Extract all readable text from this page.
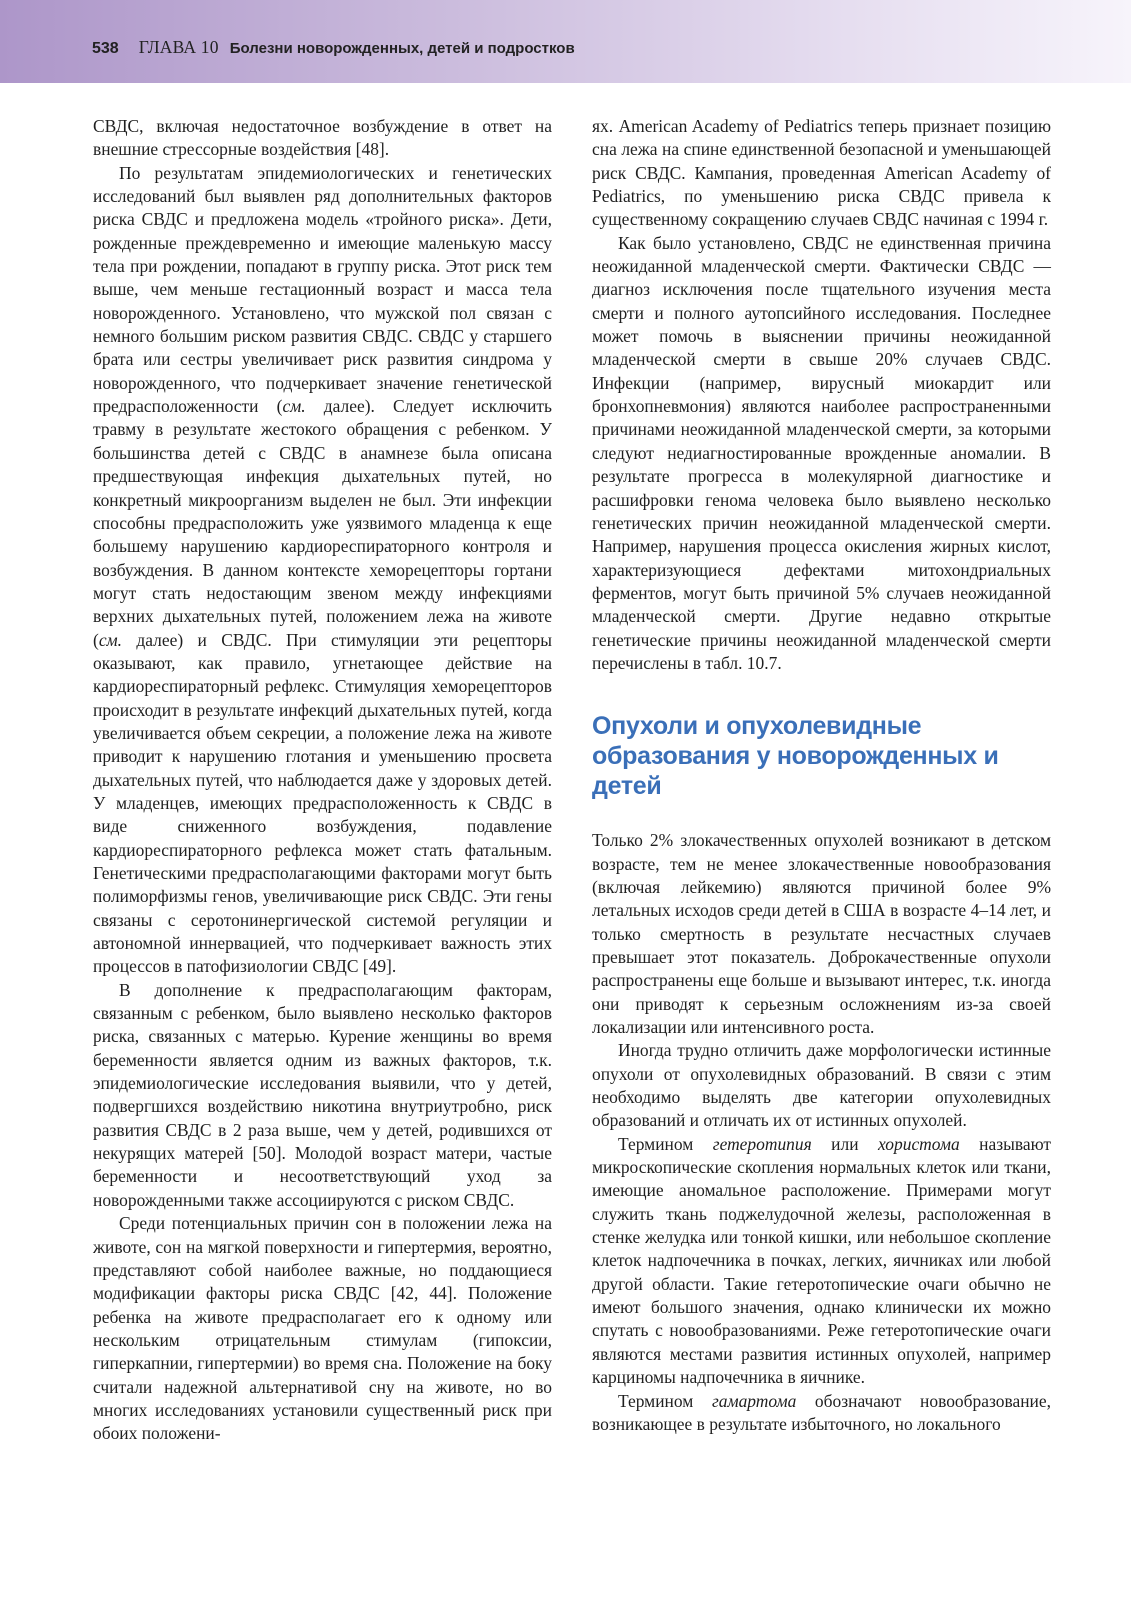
538 ГЛАВА 10 Болезни новорожденных, детей и подростков

СВДС, включая недостаточное возбуждение в ответ на внешние стрессорные воздействия [48].

По результатам эпидемиологических и генетических исследований был выявлен ряд дополнительных факторов риска СВДС и предложена модель «тройного риска». Дети, рожденные преждевременно и имеющие маленькую массу тела при рождении, попадают в группу риска. Этот риск тем выше, чем меньше гестационный возраст и масса тела новорожденного. Установлено, что мужской пол связан с немного большим риском развития СВДС. СВДС у старшего брата или сестры увеличивает риск развития синдрома у новорожденного, что подчеркивает значение генетической предрасположенности (см. далее). Следует исключить травму в результате жестокого обращения с ребенком. У большинства детей с СВДС в анамнезе была описана предшествующая инфекция дыхательных путей, но конкретный микроорганизм выделен не был. Эти инфекции способны предрасположить уже уязвимого младенца к еще большему нарушению кардиореспираторного контроля и возбуждения. В данном контексте хеморецепторы гортани могут стать недостающим звеном между инфекциями верхних дыхательных путей, положением лежа на животе (см. далее) и СВДС. При стимуляции эти рецепторы оказывают, как правило, угнетающее действие на кардиореспираторный рефлекс. Стимуляция хеморецепторов происходит в результате инфекций дыхательных путей, когда увеличивается объем секреции, а положение лежа на животе приводит к нарушению глотания и уменьшению просвета дыхательных путей, что наблюдается даже у здоровых детей. У младенцев, имеющих предрасположенность к СВДС в виде сниженного возбуждения, подавление кардиореспираторного рефлекса может стать фатальным. Генетическими предрасполагающими факторами могут быть полиморфизмы генов, увеличивающие риск СВДС. Эти гены связаны с серотонинергической системой регуляции и автономной иннервацией, что подчеркивает важность этих процессов в патофизиологии СВДС [49].

В дополнение к предрасполагающим факторам, связанным с ребенком, было выявлено несколько факторов риска, связанных с матерью. Курение женщины во время беременности является одним из важных факторов, т.к. эпидемиологические исследования выявили, что у детей, подвергшихся воздействию никотина внутриутробно, риск развития СВДС в 2 раза выше, чем у детей, родившихся от некурящих матерей [50]. Молодой возраст матери, частые беременности и несоответствующий уход за новорожденными также ассоциируются с риском СВДС.

Среди потенциальных причин сон в положении лежа на животе, сон на мягкой поверхности и гипертермия, вероятно, представляют собой наиболее важные, но поддающиеся модификации факторы риска СВДС [42, 44]. Положение ребенка на животе предрасполагает его к одному или нескольким отрицательным стимулам (гипоксии, гиперкапнии, гипертермии) во время сна. Положение на боку считали надежной альтернативой сну на животе, но во многих исследованиях установили существенный риск при обоих положени-

ях. American Academy of Pediatrics теперь признает позицию сна лежа на спине единственной безопасной и уменьшающей риск СВДС. Кампания, проведенная American Academy of Pediatrics, по уменьшению риска СВДС привела к существенному сокращению случаев СВДС начиная с 1994 г.

Как было установлено, СВДС не единственная причина неожиданной младенческой смерти. Фактически СВДС — диагноз исключения после тщательного изучения места смерти и полного аутопсийного исследования. Последнее может помочь в выяснении причины неожиданной младенческой смерти в свыше 20% случаев СВДС. Инфекции (например, вирусный миокардит или бронхопневмония) являются наиболее распространенными причинами неожиданной младенческой смерти, за которыми следуют недиагностированные врожденные аномалии. В результате прогресса в молекулярной диагностике и расшифровки генома человека было выявлено несколько генетических причин неожиданной младенческой смерти. Например, нарушения процесса окисления жирных кислот, характеризующиеся дефектами митохондриальных ферментов, могут быть причиной 5% случаев неожиданной младенческой смерти. Другие недавно открытые генетические причины неожиданной младенческой смерти перечислены в табл. 10.7.

Опухоли и опухолевидные образования у новорожденных и детей

Только 2% злокачественных опухолей возникают в детском возрасте, тем не менее злокачественные новообразования (включая лейкемию) являются причиной более 9% летальных исходов среди детей в США в возрасте 4–14 лет, и только смертность в результате несчастных случаев превышает этот показатель. Доброкачественные опухоли распространены еще больше и вызывают интерес, т.к. иногда они приводят к серьезным осложнениям из-за своей локализации или интенсивного роста.

Иногда трудно отличить даже морфологически истинные опухоли от опухолевидных образований. В связи с этим необходимо выделять две категории опухолевидных образований и отличать их от истинных опухолей.

Термином гетеротипия или хористома называют микроскопические скопления нормальных клеток или ткани, имеющие аномальное расположение. Примерами могут служить ткань поджелудочной железы, расположенная в стенке желудка или тонкой кишки, или небольшое скопление клеток надпочечника в почках, легких, яичниках или любой другой области. Такие гетеротопические очаги обычно не имеют большого значения, однако клинически их можно спутать с новообразованиями. Реже гетеротопические очаги являются местами развития истинных опухолей, например карциномы надпочечника в яичнике.

Термином гамартома обозначают новообразование, возникающее в результате избыточного, но локального
